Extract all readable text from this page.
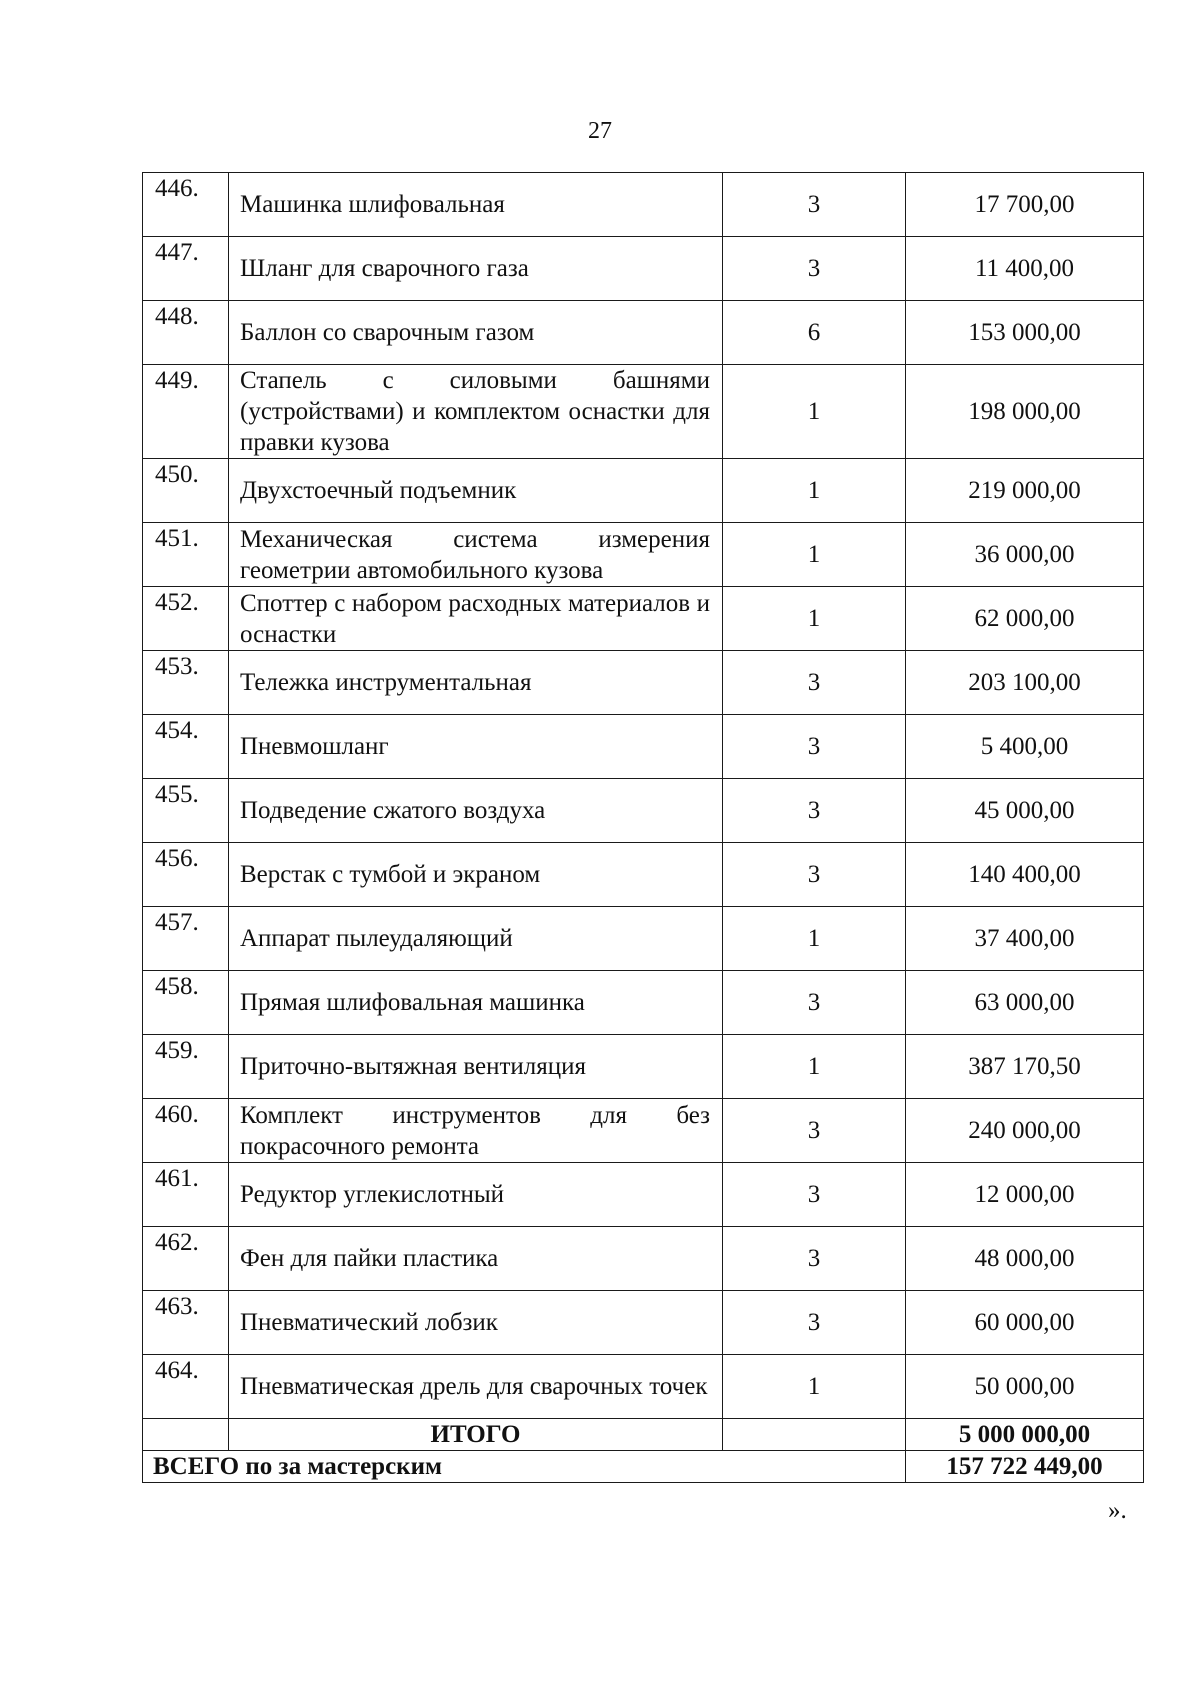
27
446.	Машинка шлифовальная	3	17 700,00
447.	Шланг для сварочного газа	3	11 400,00
448.	Баллон со сварочным газом	6	153 000,00
449.	Стапель с силовыми башнями (устройствами) и комплектом оснастки для правки кузова	1	198 000,00
450.	Двухстоечный подъемник	1	219 000,00
451.	Механическая система измерения геометрии автомобильного кузова	1	36 000,00
452.	Споттер с набором расходных материалов и оснастки	1	62 000,00
453.	Тележка инструментальная	3	203 100,00
454.	Пневмошланг	3	5 400,00
455.	Подведение сжатого воздуха	3	45 000,00
456.	Верстак с тумбой и экраном	3	140 400,00
457.	Аппарат пылеудаляющий	1	37 400,00
458.	Прямая шлифовальная машинка	3	63 000,00
459.	Приточно-вытяжная вентиляция	1	387 170,50
460.	Комплект инструментов для без покрасочного ремонта	3	240 000,00
461.	Редуктор углекислотный	3	12 000,00
462.	Фен для пайки пластика	3	48 000,00
463.	Пневматический лобзик	3	60 000,00
464.	Пневматическая дрель для сварочных точек	1	50 000,00
	ИТОГО		5 000 000,00
ВСЕГО по за мастерским			157 722 449,00
».
